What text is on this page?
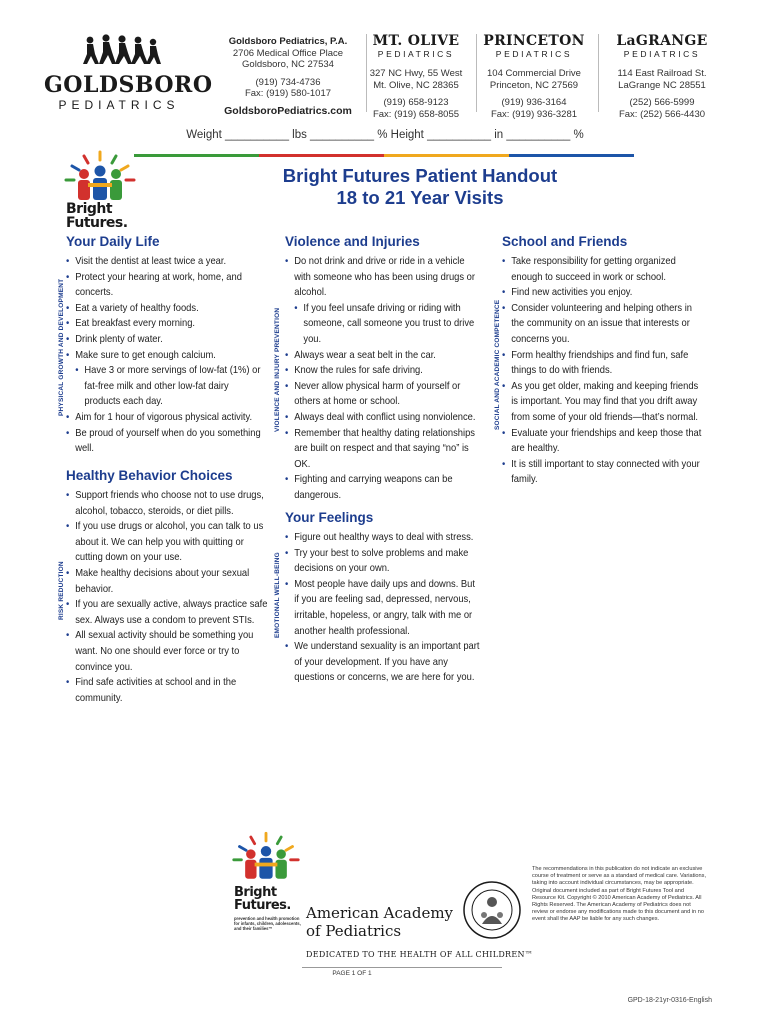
GOLDSBORO
PEDIATRICS
Goldsboro Pediatrics, P.A.
2706 Medical Office Place
Goldsboro, NC 27534
(919) 734-4736
Fax: (919) 580-1017
GoldsboroPediatrics.com
MT. OLIVE
PEDIATRICS
327 NC Hwy, 55 West
Mt. Olive, NC 28365
(919) 658-9123
Fax: (919) 658-8055
PRINCETON
PEDIATRICS
104 Commercial Drive
Princeton, NC 27569
(919) 936-3164
Fax: (919) 936-3281
LaGRANGE
PEDIATRICS
114 East Railroad St.
LaGrange NC 28551
(252) 566-5999
Fax: (252) 566-4430
Weight __________ lbs __________ % Height __________ in __________ %
Bright
Futures.
Bright Futures Patient Handout
18 to 21 Year Visits
PHYSICAL GROWTH AND DEVELOPMENT
Your Daily Life
• Visit the dentist at least twice a year.
• Protect your hearing at work, home, and concerts.
• Eat a variety of healthy foods.
• Eat breakfast every morning.
• Drink plenty of water.
• Make sure to get enough calcium.
• Have 3 or more servings of low-fat (1%) or fat-free milk and other low-fat dairy products each day.
• Aim for 1 hour of vigorous physical activity.
• Be proud of yourself when do you something well.
RISK REDUCTION
Healthy Behavior Choices
• Support friends who choose not to use drugs, alcohol, tobacco, steroids, or diet pills.
• If you use drugs or alcohol, you can talk to us about it. We can help you with quitting or cutting down on your use.
• Make healthy decisions about your sexual behavior.
• If you are sexually active, always practice safe sex. Always use a condom to prevent STIs.
• All sexual activity should be something you want. No one should ever force or try to convince you.
• Find safe activities at school and in the community.
VIOLENCE AND INJURY PREVENTION
Violence and Injuries
• Do not drink and drive or ride in a vehicle with someone who has been using drugs or alcohol.
• If you feel unsafe driving or riding with someone, call someone you trust to drive you.
• Always wear a seat belt in the car.
• Know the rules for safe driving.
• Never allow physical harm of yourself or others at home or school.
• Always deal with conflict using nonviolence.
• Remember that healthy dating relationships are built on respect and that saying “no” is OK.
• Fighting and carrying weapons can be dangerous.
EMOTIONAL WELL-BEING
Your Feelings
• Figure out healthy ways to deal with stress.
• Try your best to solve problems and make decisions on your own.
• Most people have daily ups and downs. But if you are feeling sad, depressed, nervous, irritable, hopeless, or angry, talk with me or another health professional.
• We understand sexuality is an important part of your development. If you have any questions or concerns, we are here for you.
SOCIAL AND ACADEMIC COMPETENCE
School and Friends
• Take responsibility for getting organized enough to succeed in work or school.
• Find new activities you enjoy.
• Consider volunteering and helping others in the community on an issue that interests or concerns you.
• Form healthy friendships and find fun, safe things to do with friends.
• As you get older, making and keeping friends is important. You may find that you drift away from some of your old friends—that’s normal.
• Evaluate your friendships and keep those that are healthy.
• It is still important to stay connected with your family.
Bright
Futures.
prevention and health promotion for infants, children, adolescents, and their families™
American Academy
of Pediatrics
DEDICATED TO THE HEALTH OF ALL CHILDREN™
The recommendations in this publication do not indicate an exclusive course of treatment or serve as a standard of medical care. Variations, taking into account individual circumstances, may be appropriate. Original document included as part of Bright Futures Tool and Resource Kit. Copyright © 2010 American Academy of Pediatrics. All Rights Reserved. The American Academy of Pediatrics does not review or endorse any modifications made to this document and in no event shall the AAP be liable for any such changes.
PAGE 1 OF 1
GPD-18-21yr-0316-English
